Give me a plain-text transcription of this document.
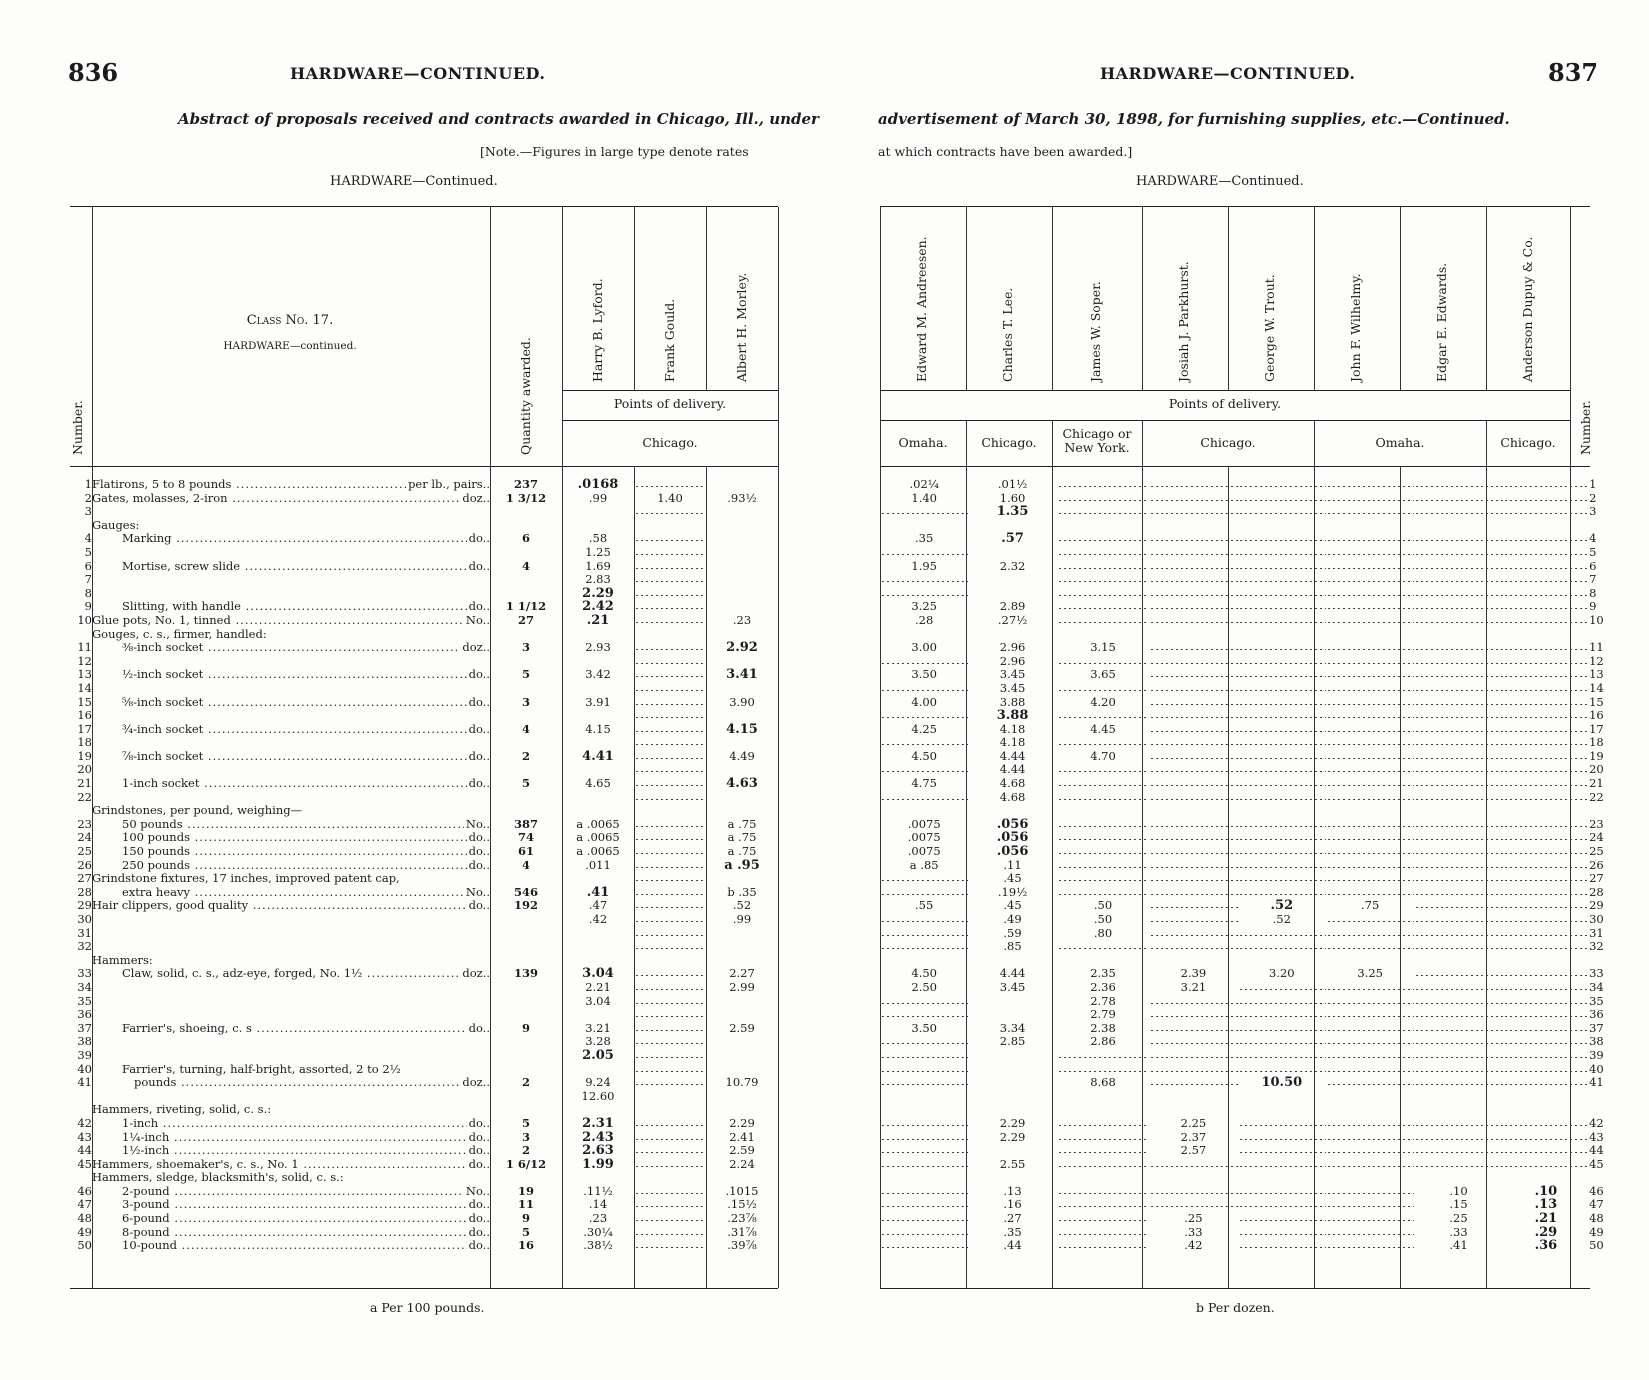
836	HARDWARE—CONTINUED.
Abstract of proposals received and contracts awarded in Chicago, Ill., under
[Note.—Figures in large type denote rates
HARDWARE—Continued.
HARDWARE—CONTINUED.	837
advertisement of March 30, 1898, for furnishing supplies, etc.—Continued.
at which contracts have been awarded.]
HARDWARE—Continued.
Number.
Class No. 17.
HARDWARE—continued.	Quantity awarded.
Harry B. Lyford.	Frank Gould.	Albert H. Morley.
Points of delivery.
Chicago.
Edward M. Andreesen.	Charles T. Lee.	James W. Soper.	Josiah J. Parkhurst.	George W. Trout.	John F. Wilhelmy.	Edgar E. Edwards.	Anderson Dupuy & Co.
Number.
Points of delivery.
Omaha.	Chicago.
Chicago or New York.	Chicago.	Omaha.	Chicago.
1	Flatirons, 5 to 8 pounds ..... per lb., pairs..	237	.0168		
2	Gates, molasses, 2-iron ..... doz..	1 3/12	.99	1.40	.93½
3					
	Gauges:				
4	Marking ..... do..	6	.58		
5			1.25		
6	Mortise, screw slide ..... do..	4	1.69		
7			2.83		
8			2.29		
9	Slitting, with handle ..... do..	1 1/12	2.42		
10	Glue pots, No. 1, tinned ..... No..	27	.21		.23
	Gouges, c. s., firmer, handled:				
11	⅜-inch socket ..... doz..	3	2.93		2.92
12					
13	½-inch socket ..... do..	5	3.42		3.41
14					
15	⅝-inch socket ..... do..	3	3.91		3.90
16					
17	¾-inch socket ..... do..	4	4.15		4.15
18					
19	⅞-inch socket ..... do..	2	4.41		4.49
20					
21	1-inch socket ..... do..	5	4.65		4.63
22					
	Grindstones, per pound, weighing—				
23	50 pounds ..... No..	387	a .0065		a .75
24	100 pounds ..... do..	74	a .0065		a .75
25	150 pounds ..... do..	61	a .0065		a .75
26	250 pounds ..... do..	4	.011		a .95
27	Grindstone fixtures, 17 inches, improved patent cap,				
28	extra heavy ..... No..	546	.41		b .35
29	Hair clippers, good quality ..... do..	192	.47		.52
30			.42		.99
31					
32					
	Hammers:				
33	Claw, solid, c. s., adz-eye, forged, No. 1½ ..... doz..	139	3.04		2.27
34			2.21		2.99
35			3.04		
36					
37	Farrier's, shoeing, c. s ..... do..	9	3.21		2.59
38			3.28		
39			2.05		
40	Farrier's, turning, half-bright, assorted, 2 to 2½				
41	pounds ..... doz..	2	9.24		10.79
			12.60		
	Hammers, riveting, solid, c. s.:				
42	1-inch ..... do..	5	2.31		2.29
43	1¼-inch ..... do..	3	2.43		2.41
44	1½-inch ..... do..	2	2.63		2.59
45	Hammers, shoemaker's, c. s., No. 1 ..... do..	1 6/12	1.99		2.24
	Hammers, sledge, blacksmith's, solid, c. s.:				
46	2-pound ..... No..	19	.11½		.1015
47	3-pound ..... do..	11	.14		.15½
48	6-pound ..... do..	9	.23		.23⅞
49	8-pound ..... do..	5	.30¼		.31⅞
50	10-pound ..... do..	16	.38½		.39⅞
.02¼	.01½							1
1.40	1.60							2
	1.35							3

.35	.57							4
								5
1.95	2.32							6
								7
								8
3.25	2.89							9
.28	.27½							10

3.00	2.96	3.15						11
	2.96							12
3.50	3.45	3.65						13
	3.45							14
4.00	3.88	4.20						15
	3.88							16
4.25	4.18	4.45						17
	4.18							18
4.50	4.44	4.70						19
	4.44							20
4.75	4.68							21
	4.68							22

.0075	.056							23
.0075	.056							24
.0075	.056							25
a .85	.11							26
	.45							27
	.19½							28
.55	.45	.50		.52	.75			29
	.49	.50		.52				30
	.59	.80						31
	.85							32

4.50	4.44	2.35	2.39	3.20	3.25			33
2.50	3.45	2.36	3.21					34
		2.78						35
		2.79						36
3.50	3.34	2.38						37
	2.85	2.86						38
								39
								40
		8.68		10.50				41

	2.29		2.25					42
	2.29		2.37					43
			2.57					44
	2.55							45

	.13					.10	.10	46
	.16					.15	.13	47
	.27		.25			.25	.21	48
	.35		.33			.33	.29	49
	.44		.42			.41	.36	50
a Per 100 pounds.	b Per dozen.
